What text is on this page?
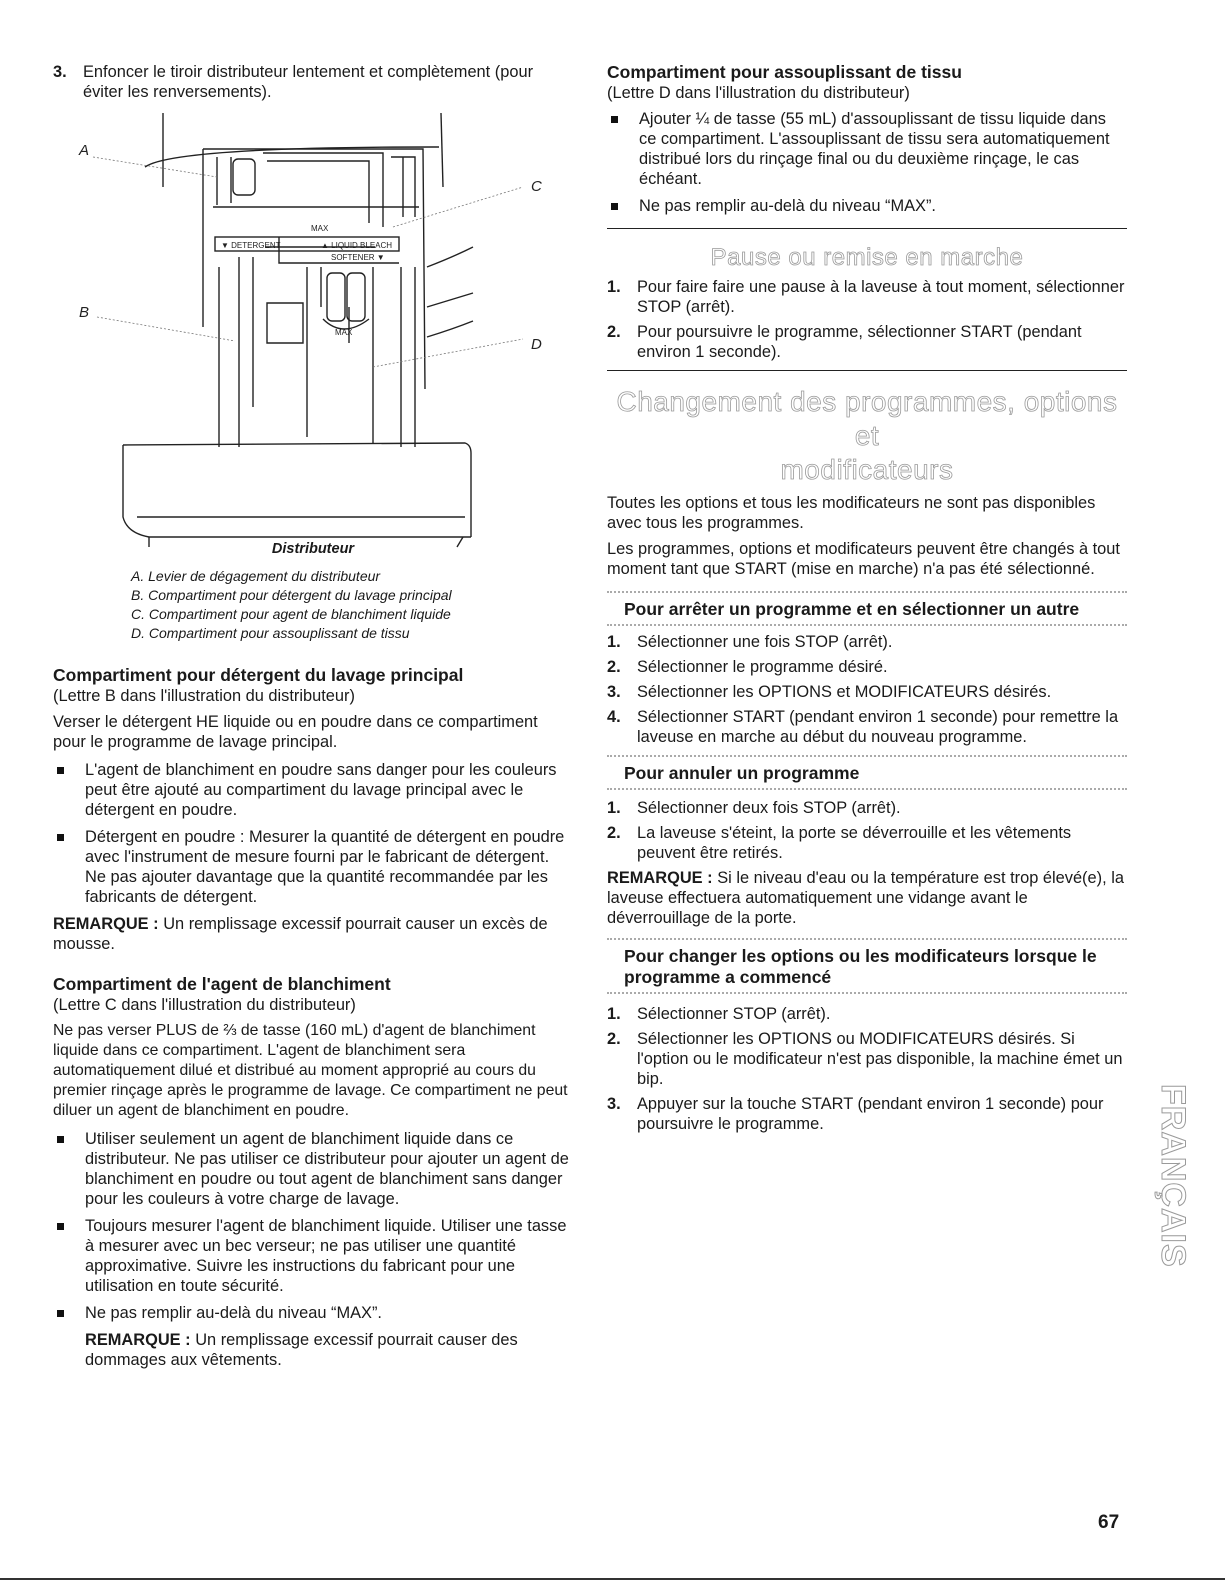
3. Enfoncer le tiroir distributeur lentement et complètement (pour éviter les renversements).
A
B
C
D
MAX
▼ DETERGENT	▲ LIQUID BLEACH
SOFTENER ▼
MAX
Distributeur
A. Levier de dégagement du distributeur
B. Compartiment pour détergent du lavage principal
C. Compartiment pour agent de blanchiment liquide
D. Compartiment pour assouplissant de tissu
Compartiment pour détergent du lavage principal

(Lettre B dans l'illustration du distributeur)

Verser le détergent HE liquide ou en poudre dans ce compartiment pour le programme de lavage principal.

L'agent de blanchiment en poudre sans danger pour les couleurs peut être ajouté au compartiment du lavage principal avec le détergent en poudre.
Détergent en poudre : Mesurer la quantité de détergent en poudre avec l'instrument de mesure fourni par le fabricant de détergent. Ne pas ajouter davantage que la quantité recommandée par les fabricants de détergent.

REMARQUE : Un remplissage excessif pourrait causer un excès de mousse.

Compartiment de l'agent de blanchiment

(Lettre C dans l'illustration du distributeur)

Ne pas verser PLUS de ⅔ de tasse (160 mL) d'agent de blanchiment liquide dans ce compartiment. L'agent de blanchiment sera automatiquement dilué et distribué au moment approprié au cours du premier rinçage après le programme de lavage. Ce compartiment ne peut diluer un agent de blanchiment en poudre.

Utiliser seulement un agent de blanchiment liquide dans ce distributeur. Ne pas utiliser ce distributeur pour ajouter un agent de blanchiment en poudre ou tout agent de blanchiment sans danger pour les couleurs à votre charge de lavage.
Toujours mesurer l'agent de blanchiment liquide. Utiliser une tasse à mesurer avec un bec verseur; ne pas utiliser une quantité approximative. Suivre les instructions du fabricant pour une utilisation en toute sécurité.
Ne pas remplir au-delà du niveau “MAX”.

REMARQUE : Un remplissage excessif pourrait causer des dommages aux vêtements.

Compartiment pour assouplissant de tissu

(Lettre D dans l'illustration du distributeur)

Ajouter ¼ de tasse (55 mL) d'assouplissant de tissu liquide dans ce compartiment. L'assouplissant de tissu sera automatiquement distribué lors du rinçage final ou du deuxième rinçage, le cas échéant.
Ne pas remplir au-delà du niveau “MAX”.
Pause ou remise en marche
1. Pour faire faire une pause à la laveuse à tout moment, sélectionner STOP (arrêt).
2. Pour poursuivre le programme, sélectionner START (pendant environ 1 seconde).
Changement des programmes, options et
modificateurs

Toutes les options et tous les modificateurs ne sont pas disponibles avec tous les programmes.

Les programmes, options et modificateurs peuvent être changés à tout moment tant que START (mise en marche) n'a pas été sélectionné.

Pour arrêter un programme et en sélectionner un autre
1. Sélectionner une fois STOP (arrêt).
2. Sélectionner le programme désiré.
3. Sélectionner les OPTIONS et MODIFICATEURS désirés.
4. Sélectionner START (pendant environ 1 seconde) pour remettre la laveuse en marche au début du nouveau programme.
Pour annuler un programme
1. Sélectionner deux fois STOP (arrêt).
2. La laveuse s'éteint, la porte se déverrouille et les vêtements peuvent être retirés.

REMARQUE : Si le niveau d'eau ou la température est trop élevé(e), la laveuse effectuera automatiquement une vidange avant le déverrouillage de la porte.

Pour changer les options ou les modificateurs lorsque le programme a commencé
1. Sélectionner STOP (arrêt).
2. Sélectionner les OPTIONS ou MODIFICATEURS désirés. Si l'option ou le modificateur n'est pas disponible, la machine émet un bip.
3. Appuyer sur la touche START (pendant environ 1 seconde) pour poursuivre le programme.	FRANÇAIS
67
